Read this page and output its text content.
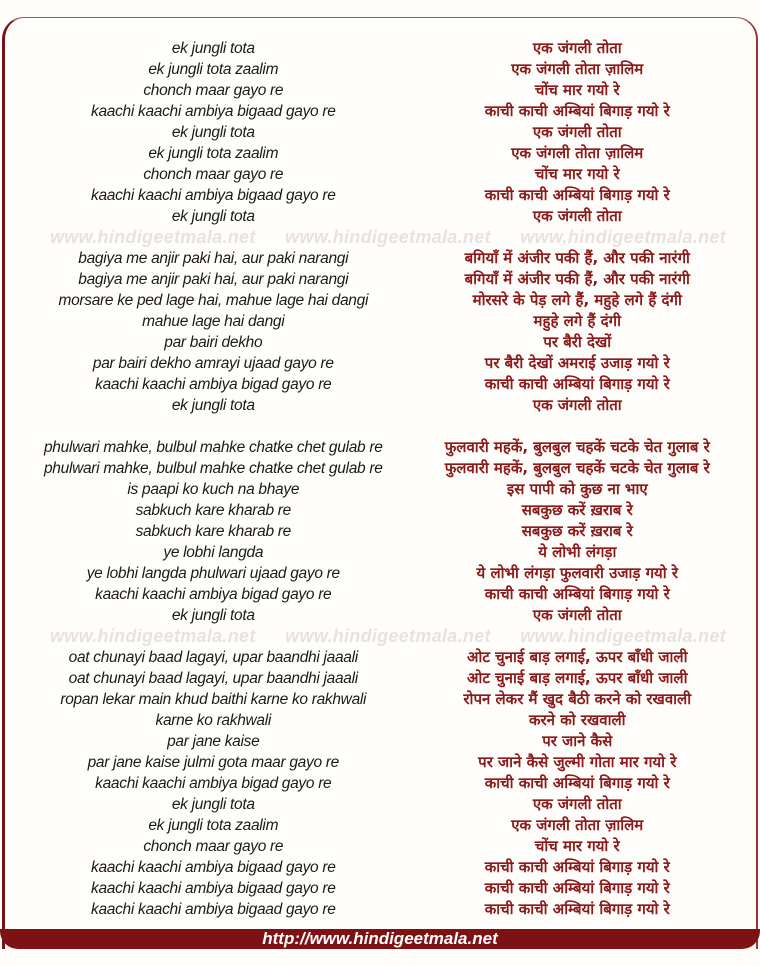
ek jungli tota
ek jungli tota zaalim
chonch maar gayo re
kaachi kaachi ambiya bigaad gayo re
ek jungli tota
ek jungli tota zaalim
chonch maar gayo re
kaachi kaachi ambiya bigaad gayo re
ek jungli tota
एक जंगली तोता
एक जंगली तोता ज़ालिम
चोंच मार गयो रे
काची काची अम्बियां बिगाड़ गयो रे
एक जंगली तोता
एक जंगली तोता ज़ालिम
चोंच मार गयो रे
काची काची अम्बियां बिगाड़ गयो रे
एक जंगली तोता
www.hindigeetmala.net www.hindigeetmala.net www.hindigeetmala.net
bagiya me anjir paki hai, aur paki narangi
bagiya me anjir paki hai, aur paki narangi
morsare ke ped lage hai, mahue lage hai dangi
mahue lage hai dangi
par bairi dekho
par bairi dekho amrayi ujaad gayo re
kaachi kaachi ambiya bigad gayo re
ek jungli tota
बगियाँ में अंजीर पकी हैं, और पकी नारंगी
बगियाँ में अंजीर पकी हैं, और पकी नारंगी
मोरसरे के पेड़ लगे हैं, महुहे लगे हैं दंगी
महुहे लगे हैं दंगी
पर बैरी देखों
पर बैरी देखों अमराई उजाड़ गयो रे
काची काची अम्बियां बिगाड़ गयो रे
एक जंगली तोता
phulwari mahke, bulbul mahke chatke chet gulab re
phulwari mahke, bulbul mahke chatke chet gulab re
is paapi ko kuch na bhaye
sabkuch kare kharab re
sabkuch kare kharab re
ye lobhi langda
ye lobhi langda phulwari ujaad gayo re
kaachi kaachi ambiya bigad gayo re
ek jungli tota
फुलवारी महकें, बुलबुल चहकें चटके चेत गुलाब रे
फुलवारी महकें, बुलबुल चहकें चटके चेत गुलाब रे
इस पापी को कुछ ना भाए
सबकुछ करें ख़राब रे
सबकुछ करें ख़राब रे
ये लोभी लंगड़ा
ये लोभी लंगड़ा फुलवारी उजाड़ गयो रे
काची काची अम्बियां बिगाड़ गयो रे
एक जंगली तोता
www.hindigeetmala.net www.hindigeetmala.net www.hindigeetmala.net
oat chunayi baad lagayi, upar baandhi jaaali
oat chunayi baad lagayi, upar baandhi jaaali
ropan lekar main khud baithi karne ko rakhwali
karne ko rakhwali
par jane kaise
par jane kaise julmi gota maar gayo re
kaachi kaachi ambiya bigad gayo re
ek jungli tota
ek jungli tota zaalim
chonch maar gayo re
kaachi kaachi ambiya bigaad gayo re
kaachi kaachi ambiya bigaad gayo re
kaachi kaachi ambiya bigaad gayo re
ओट चुनाई बाड़ लगाई, ऊपर बाँधी जाली
ओट चुनाई बाड़ लगाई, ऊपर बाँधी जाली
रोपन लेकर मैं खुद बैठी करने को रखवाली
करने को रखवाली
पर जाने कैसे
पर जाने कैसे जुल्मी गोता मार गयो रे
काची काची अम्बियां बिगाड़ गयो रे
एक जंगली तोता
एक जंगली तोता ज़ालिम
चोंच मार गयो रे
काची काची अम्बियां बिगाड़ गयो रे
काची काची अम्बियां बिगाड़ गयो रे
काची काची अम्बियां बिगाड़ गयो रे
http://www.hindigeetmala.net
